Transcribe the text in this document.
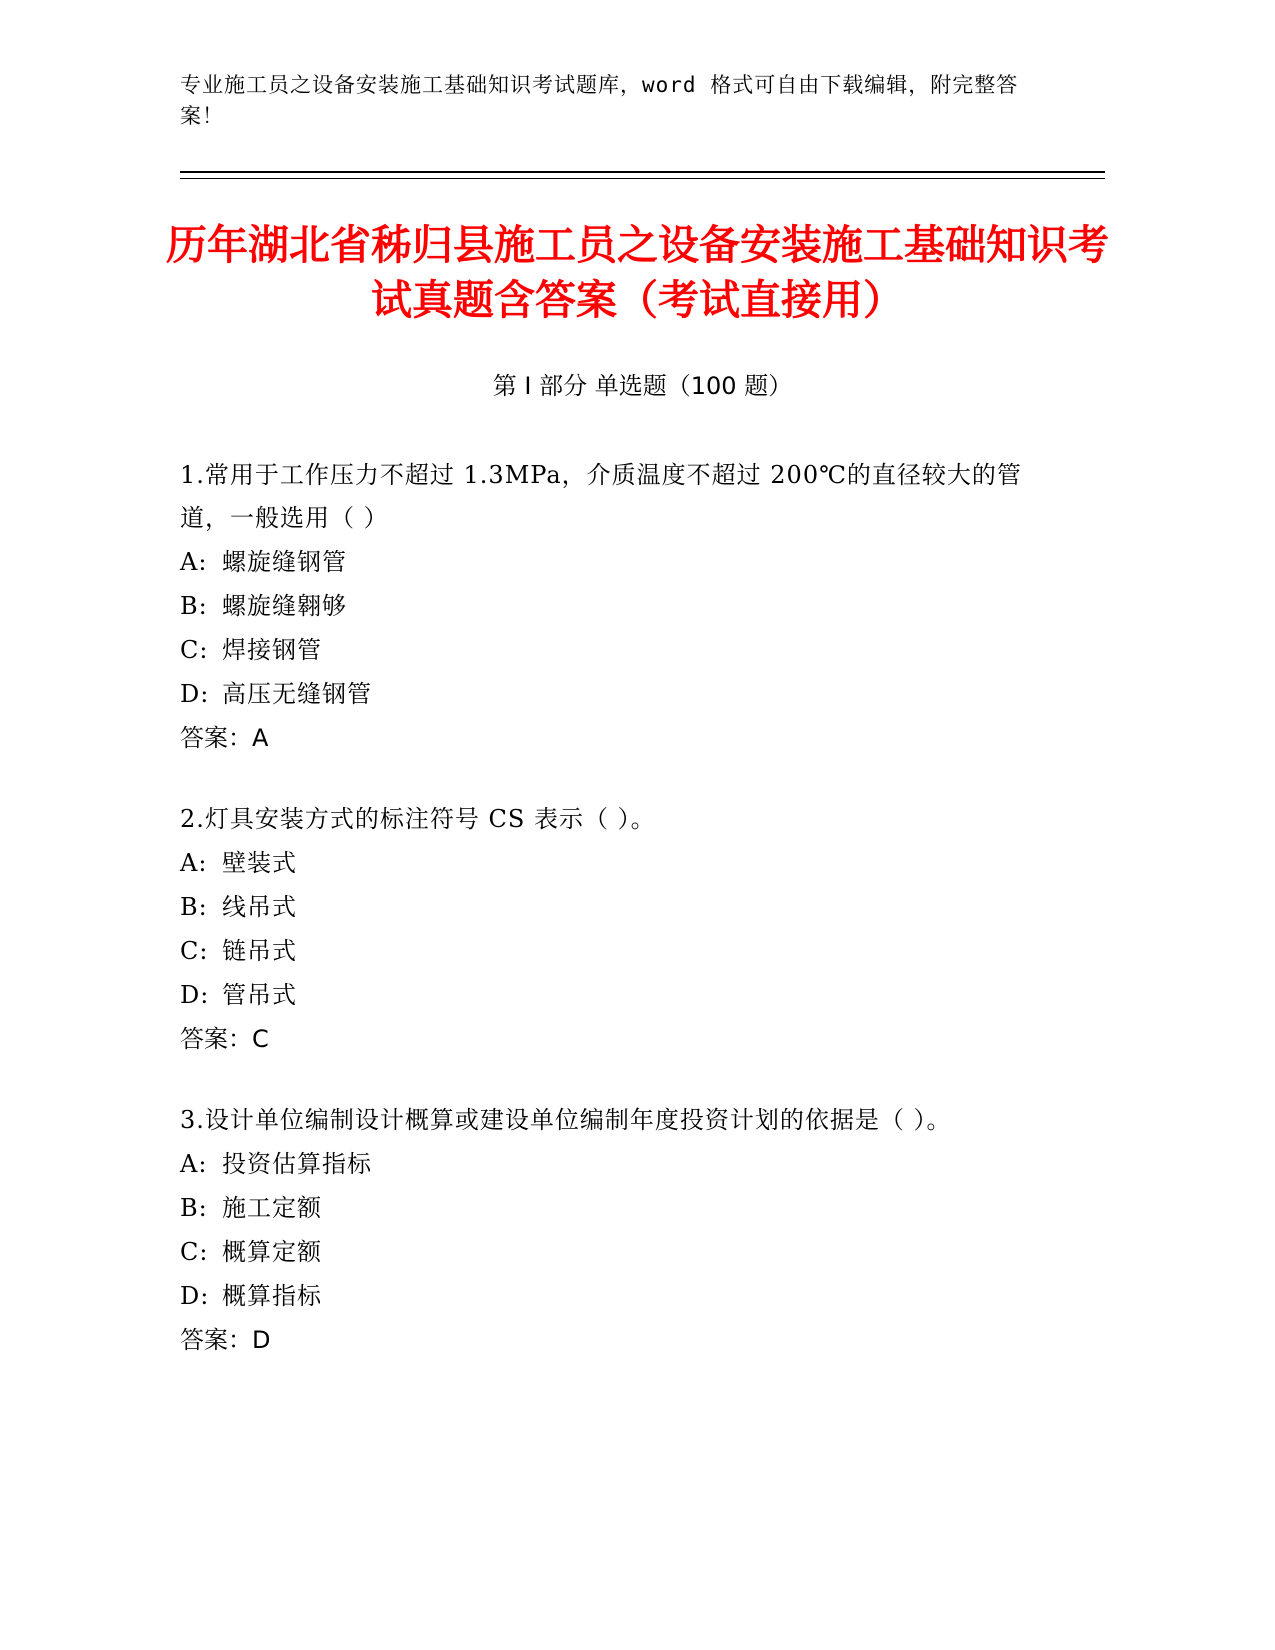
专业施工员之设备安装施工基础知识考试题库，word 格式可自由下载编辑，附完整答案！
历年湖北省秭归县施工员之设备安装施工基础知识考试真题含答案（考试直接用）
第 I 部分 单选题（100 题）
1.常用于工作压力不超过 1.3MPa，介质温度不超过 200℃的直径较大的管道，一般选用（ ）
A: 螺旋缝钢管
B: 螺旋缝翱够
C: 焊接钢管
D: 高压无缝钢管
答案：A
2.灯具安装方式的标注符号 CS 表示（ ）。
A: 壁装式
B: 线吊式
C: 链吊式
D: 管吊式
答案：C
3.设计单位编制设计概算或建设单位编制年度投资计划的依据是（ ）。
A: 投资估算指标
B: 施工定额
C: 概算定额
D: 概算指标
答案：D
